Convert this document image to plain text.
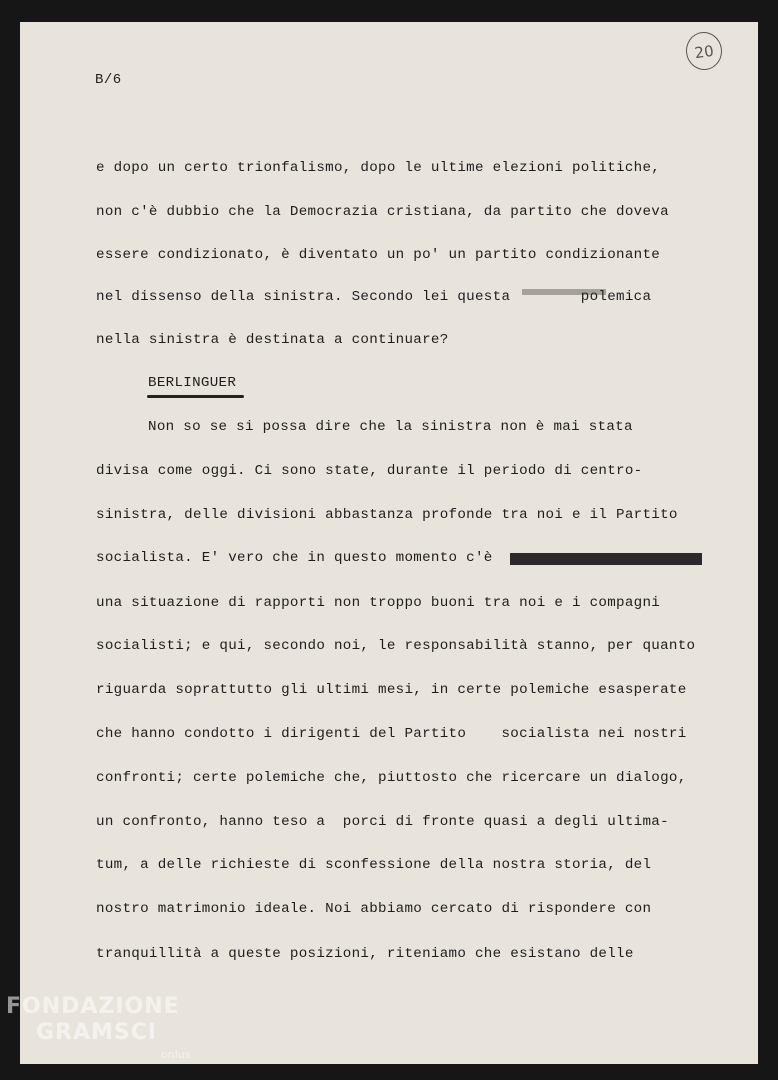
20
B/6
e dopo un certo trionfalismo, dopo le ultime elezioni politiche,
non c'è dubbio che la Democrazia cristiana, da partito che doveva
essere condizionato, è diventato un po' un partito condizionante
nel dissenso della sinistra. Secondo lei questa        polemica
nella sinistra è destinata a continuare?
BERLINGUER
Non so se si possa dire che la sinistra non è mai stata
divisa come oggi. Ci sono state, durante il periodo di centro-
sinistra, delle divisioni abbastanza profonde tra noi e il Partito
socialista. E' vero che in questo momento c'è
una situazione di rapporti non troppo buoni tra noi e i compagni
socialisti; e qui, secondo noi, le responsabilità stanno, per quanto
riguarda soprattutto gli ultimi mesi, in certe polemiche esasperate
che hanno condotto i dirigenti del Partito    socialista nei nostri
confronti; certe polemiche che, piuttosto che ricercare un dialogo,
un confronto, hanno teso a  porci di fronte quasi a degli ultima-
tum, a delle richieste di sconfessione della nostra storia, del
nostro matrimonio ideale. Noi abbiamo cercato di rispondere con
tranquillità a queste posizioni, riteniamo che esistano delle
FONDAZIONE
GRAMSCI
onlus
